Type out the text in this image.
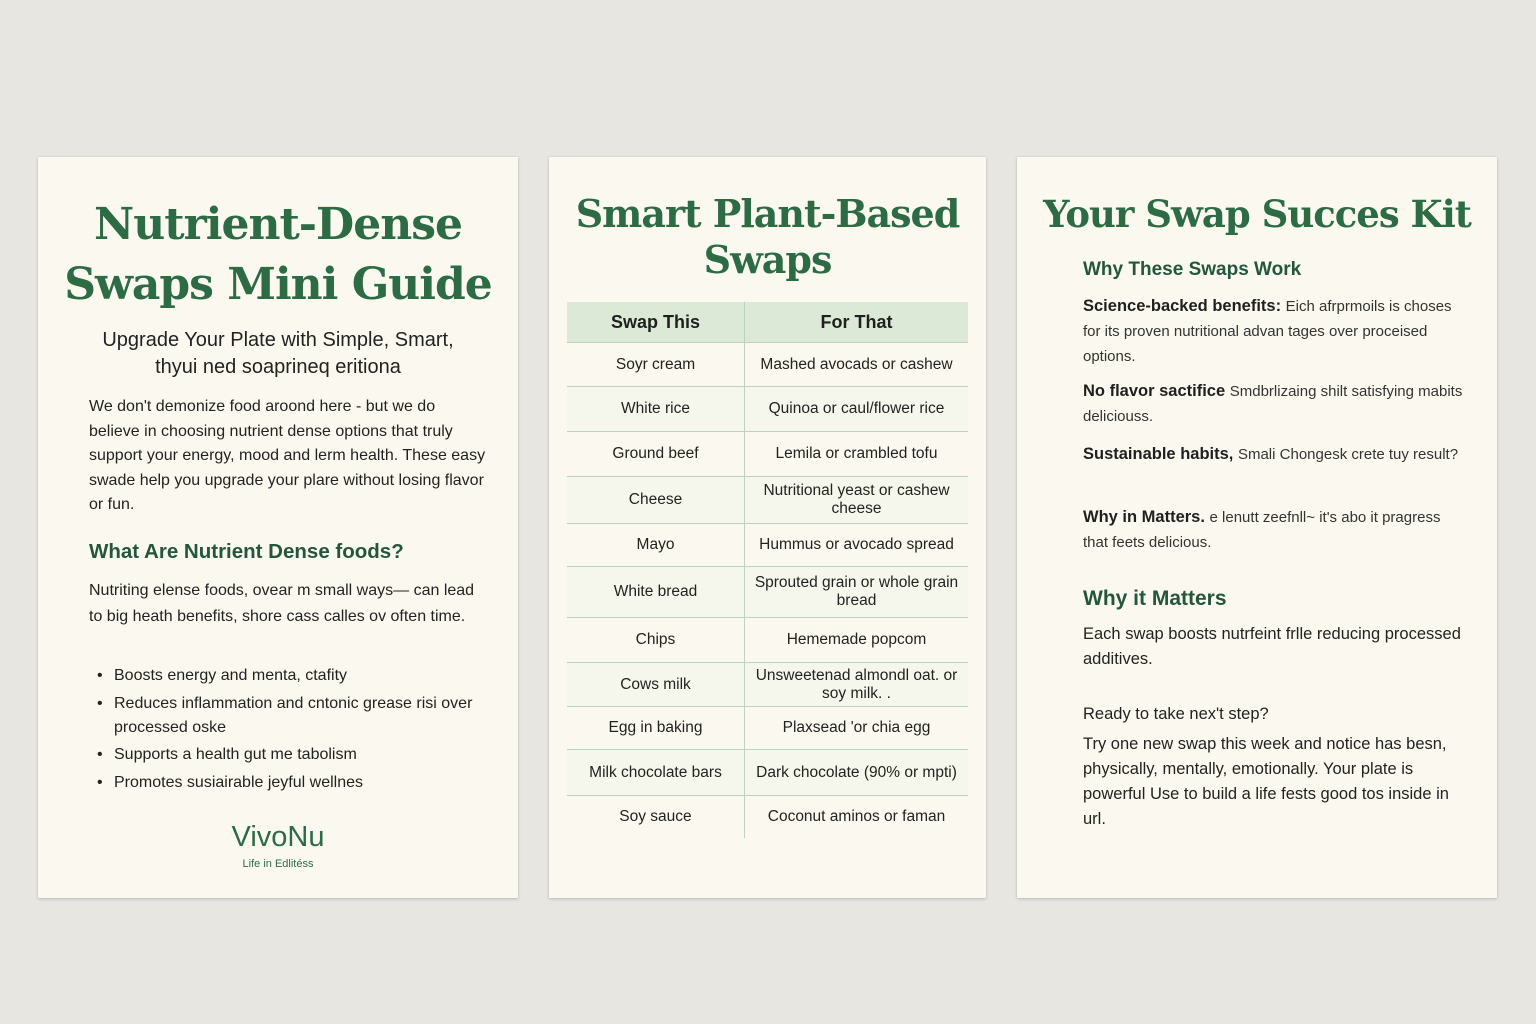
Nutrient-Dense Swaps Mini Guide
Upgrade Your Plate with Simple, Smart,
thyui ned soaprineq eritiona

We don't demonize food aroond here - but we do believe in choosing nutrient dense options that truly support your energy, mood and lerm health. These easy swade help you upgrade your plare without losing flavor or fun.

What Are Nutrient Dense foods?

Nutriting elense foods, ovear m small ways— can lead to big heath benefits, shore cass calles ov often time.

• Boosts energy and menta, ctafity
• Reduces inflammation and cntonic grease risi over processed oske
• Supports a health gut me tabolism
• Promotes susiairable jeyful wellnes
VivoNu
Life in Edlitéss
Smart Plant-Based Swaps
Swap This	For That
Soyr cream	Mashed avocads or cashew
White rice	Quinoa or caul/flower rice
Ground beef	Lemila or crambled tofu
Cheese	Nutritional yeast or cashew cheese
Mayo	Hummus or avocado spread
White bread	Sprouted grain or whole grain bread
Chips	Hememade popcom
Cows milk	Unsweetenad almondl oat. or soy milk. .
Egg in baking	Plaxsead 'or chia egg
Milk chocolate bars	Dark chocolate (90% or mpti)
Soy sauce	Coconut aminos or faman
Your Swap Succes Kit
Why These Swaps Work
Science-backed benefits: Eich afrprmoils is choses for its proven nutritional advan tages over proceised options.
No flavor sactifice Smdbrlizaing shilt satisfying mabits deliciouss.
Sustainable habits, Smali Chongesk crete tuy result?
Why in Matters. e lenutt zeefnll~ it's abo it pragress that feets delicious.
Why it Matters
Each swap boosts nutrfeint frlle reducing processed additives.
Ready to take nex't step?
Try one new swap this week and notice has besn, physically, mentally, emotionally. Your plate is powerful Use to build a life fests good tos inside in url.
